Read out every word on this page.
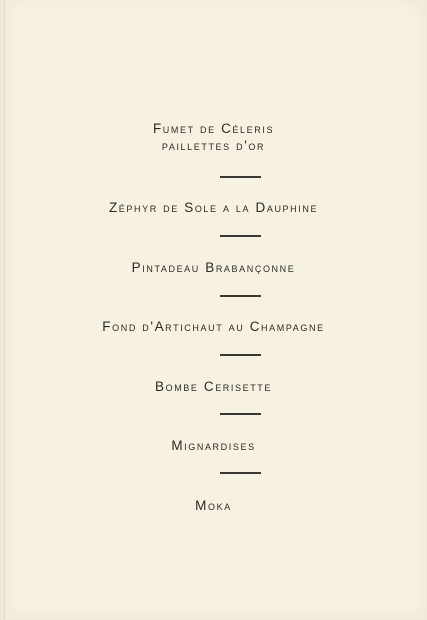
Fumet de Céleris
paillettes d'or
Zéphyr de Sole a la Dauphine
Pintadeau Brabançonne
Fond d'Artichaut au Champagne
Bombe Cerisette
Mignardises
Moka
